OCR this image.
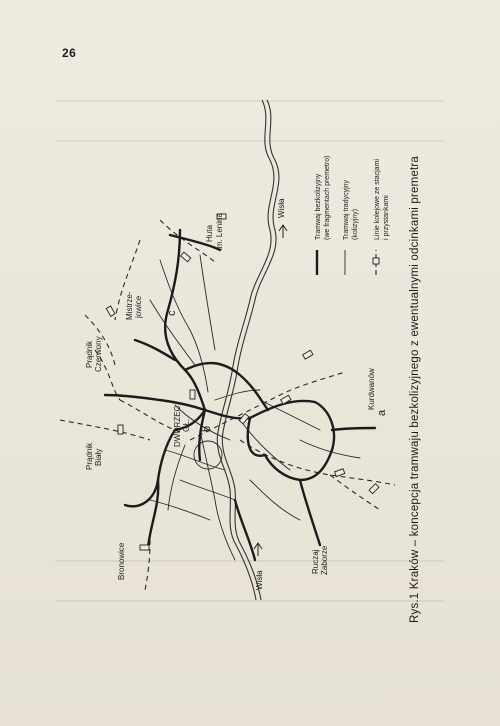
26
Huta im. Lenina
Mistrze- jowice
Prądnik Czerwony
Prądnik Biały
DWORZEC GŁ.
Bronowice	Ruczaj Zaborze
Kurdwanów
Wisła
Wisła
a
b
c
Tramwaj bezkolizyjny (we fragmentach premetro) Tramwaj tradycyjny (kolizyjny) Linie kolejowe ze stacjami i przystankami Rys.1 Kraków – koncepcja tramwaju bezkolizyjnego z ewentualnymi odcinkami premetra
